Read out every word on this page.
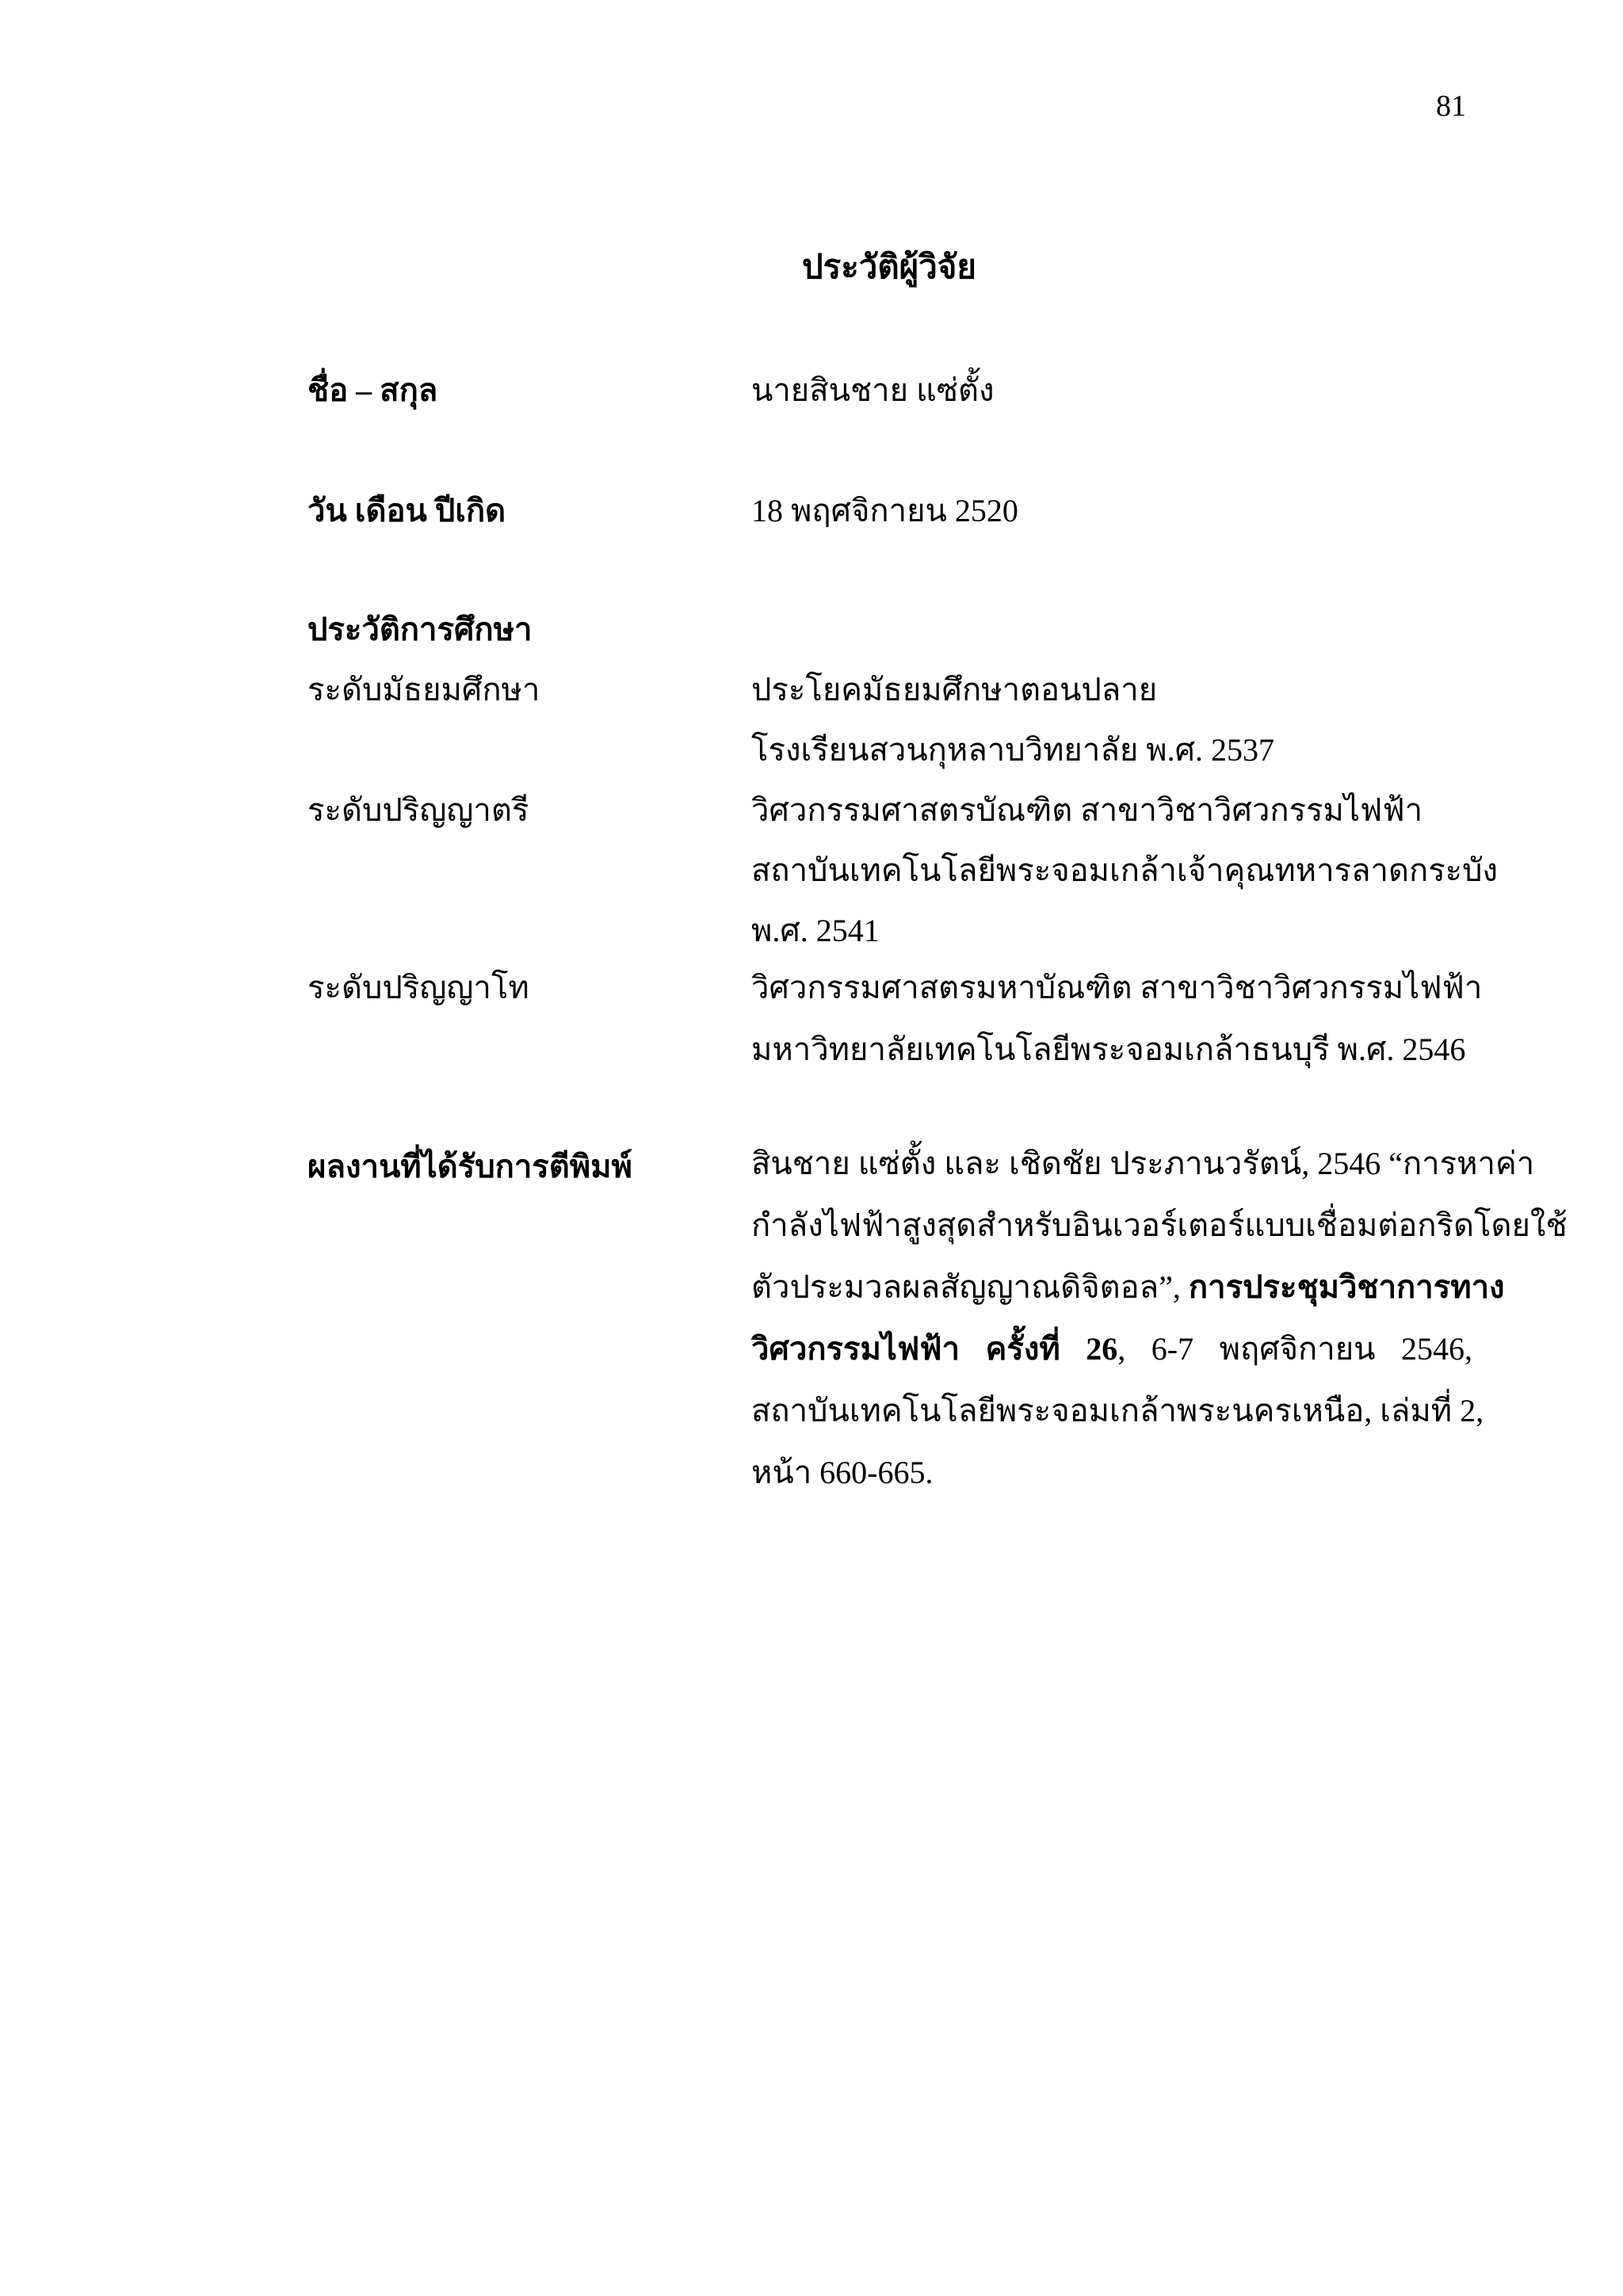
81
ประวัติผู้วิจัย
ชื่อ – สกุล	นายสินชาย แซ่ตั้ง
วัน เดือน ปีเกิด	18 พฤศจิกายน 2520
ประวัติการศึกษา
ระดับมัธยมศึกษา	ประโยคมัธยมศึกษาตอนปลาย
โรงเรียนสวนกุหลาบวิทยาลัย พ.ศ. 2537
ระดับปริญญาตรี	วิศวกรรมศาสตรบัณฑิต สาขาวิชาวิศวกรรมไฟฟ้า
สถาบันเทคโนโลยีพระจอมเกล้าเจ้าคุณทหารลาดกระบัง
พ.ศ. 2541
ระดับปริญญาโท	วิศวกรรมศาสตรมหาบัณฑิต สาขาวิชาวิศวกรรมไฟฟ้า
มหาวิทยาลัยเทคโนโลยีพระจอมเกล้าธนบุรี พ.ศ. 2546
ผลงานที่ได้รับการตีพิมพ์	สินชาย แซ่ตั้ง และ เชิดชัย ประภานวรัตน์, 2546 “การหาค่า
กำลังไฟฟ้าสูงสุดสำหรับอินเวอร์เตอร์แบบเชื่อมต่อกริดโดยใช้
ตัวประมวลผลสัญญาณดิจิตอล”, การประชุมวิชาการทาง
วิศวกรรมไฟฟ้า ครั้งที่ 26, 6-7 พฤศจิกายน 2546,
สถาบันเทคโนโลยีพระจอมเกล้าพระนครเหนือ, เล่มที่ 2,
หน้า 660-665.
